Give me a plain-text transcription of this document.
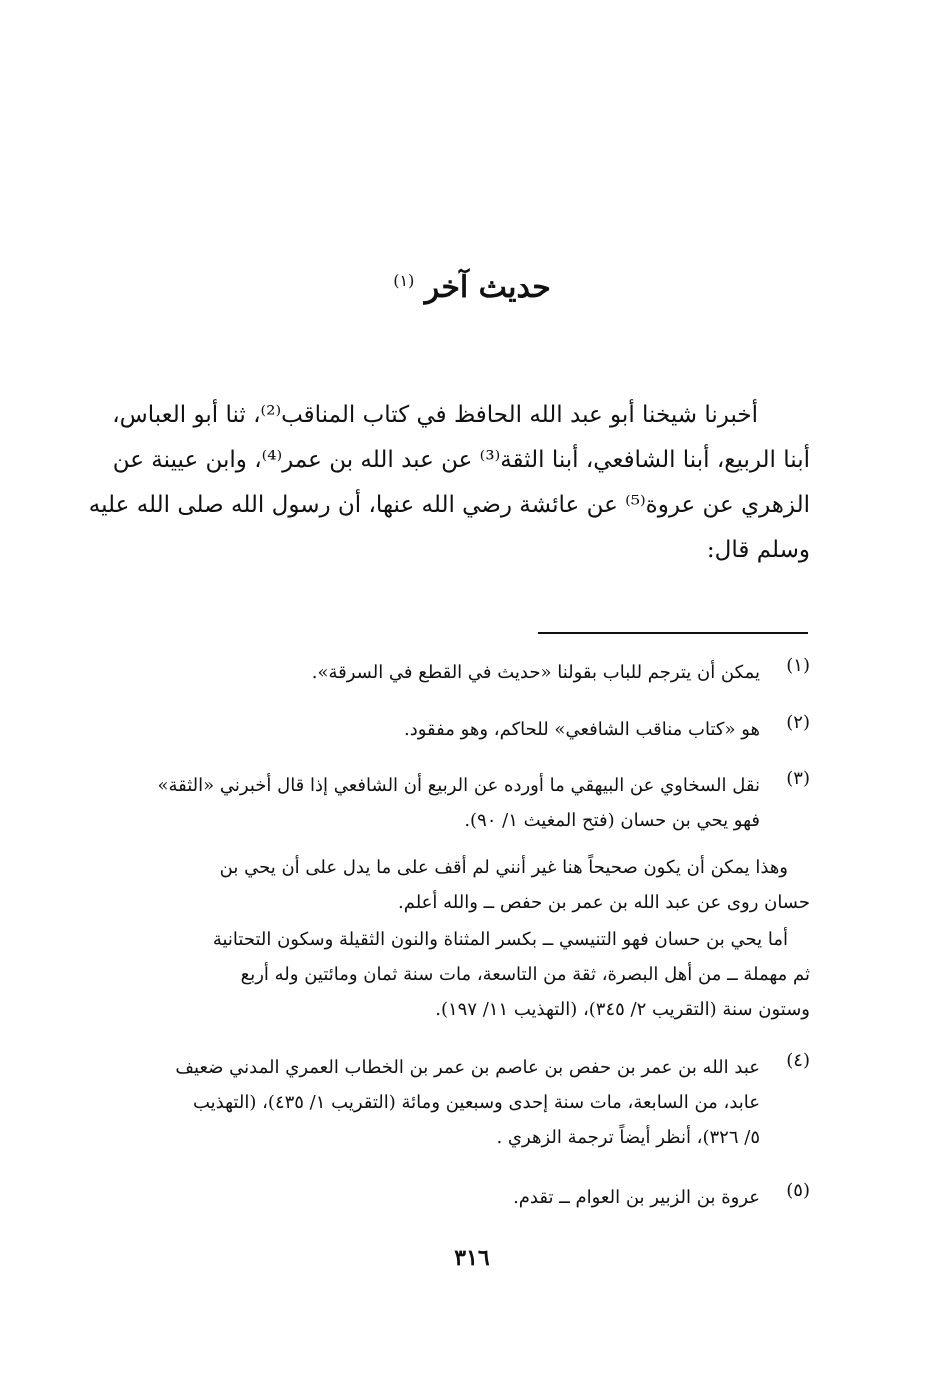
حديث آخر $^{(١)}$
أخبرنا شيخنا أبو عبد الله الحافظ في كتاب المناقب⁽²⁾، ثنا أبو العباس،
أبنا الربيع، أبنا الشافعي، أبنا الثقة⁽³⁾ عن عبد الله بن عمر⁽⁴⁾، وابن عيينة عن
الزهري عن عروة⁽⁵⁾ عن عائشة رضي الله عنها، أن رسول الله صلى الله عليه
وسلم قال:
(١)
يمكن أن يترجم للباب بقولنا «حديث في القطع في السرقة».
(٢)
هو «كتاب مناقب الشافعي» للحاكم، وهو مفقود.
(٣)
نقل السخاوي عن البيهقي ما أورده عن الربيع أن الشافعي إذا قال أخبرني «الثقة»
فهو يحي بن حسان (فتح المغيث ١/ ٩٠).
وهذا يمكن أن يكون صحيحاً هنا غير أنني لم أقف على ما يدل على أن يحي بن
حسان روى عن عبد الله بن عمر بن حفص ــ والله أعلم.
أما يحي بن حسان فهو التنيسي ــ بكسر المثناة والنون الثقيلة وسكون التحتانية
ثم مهملة ــ من أهل البصرة، ثقة من التاسعة، مات سنة ثمان ومائتين وله أربع
وستون سنة (التقريب ٢/ ٣٤٥)، (التهذيب ١١/ ١٩٧).
(٤)
عبد الله بن عمر بن حفص بن عاصم بن عمر بن الخطاب العمري المدني ضعيف
عابد، من السابعة، مات سنة إحدى وسبعين ومائة (التقريب ١/ ٤٣٥)، (التهذيب
٥/ ٣٢٦)، أنظر أيضاً ترجمة الزهري .
(٥)
عروة بن الزبير بن العوام ــ تقدم.
٣١٦
